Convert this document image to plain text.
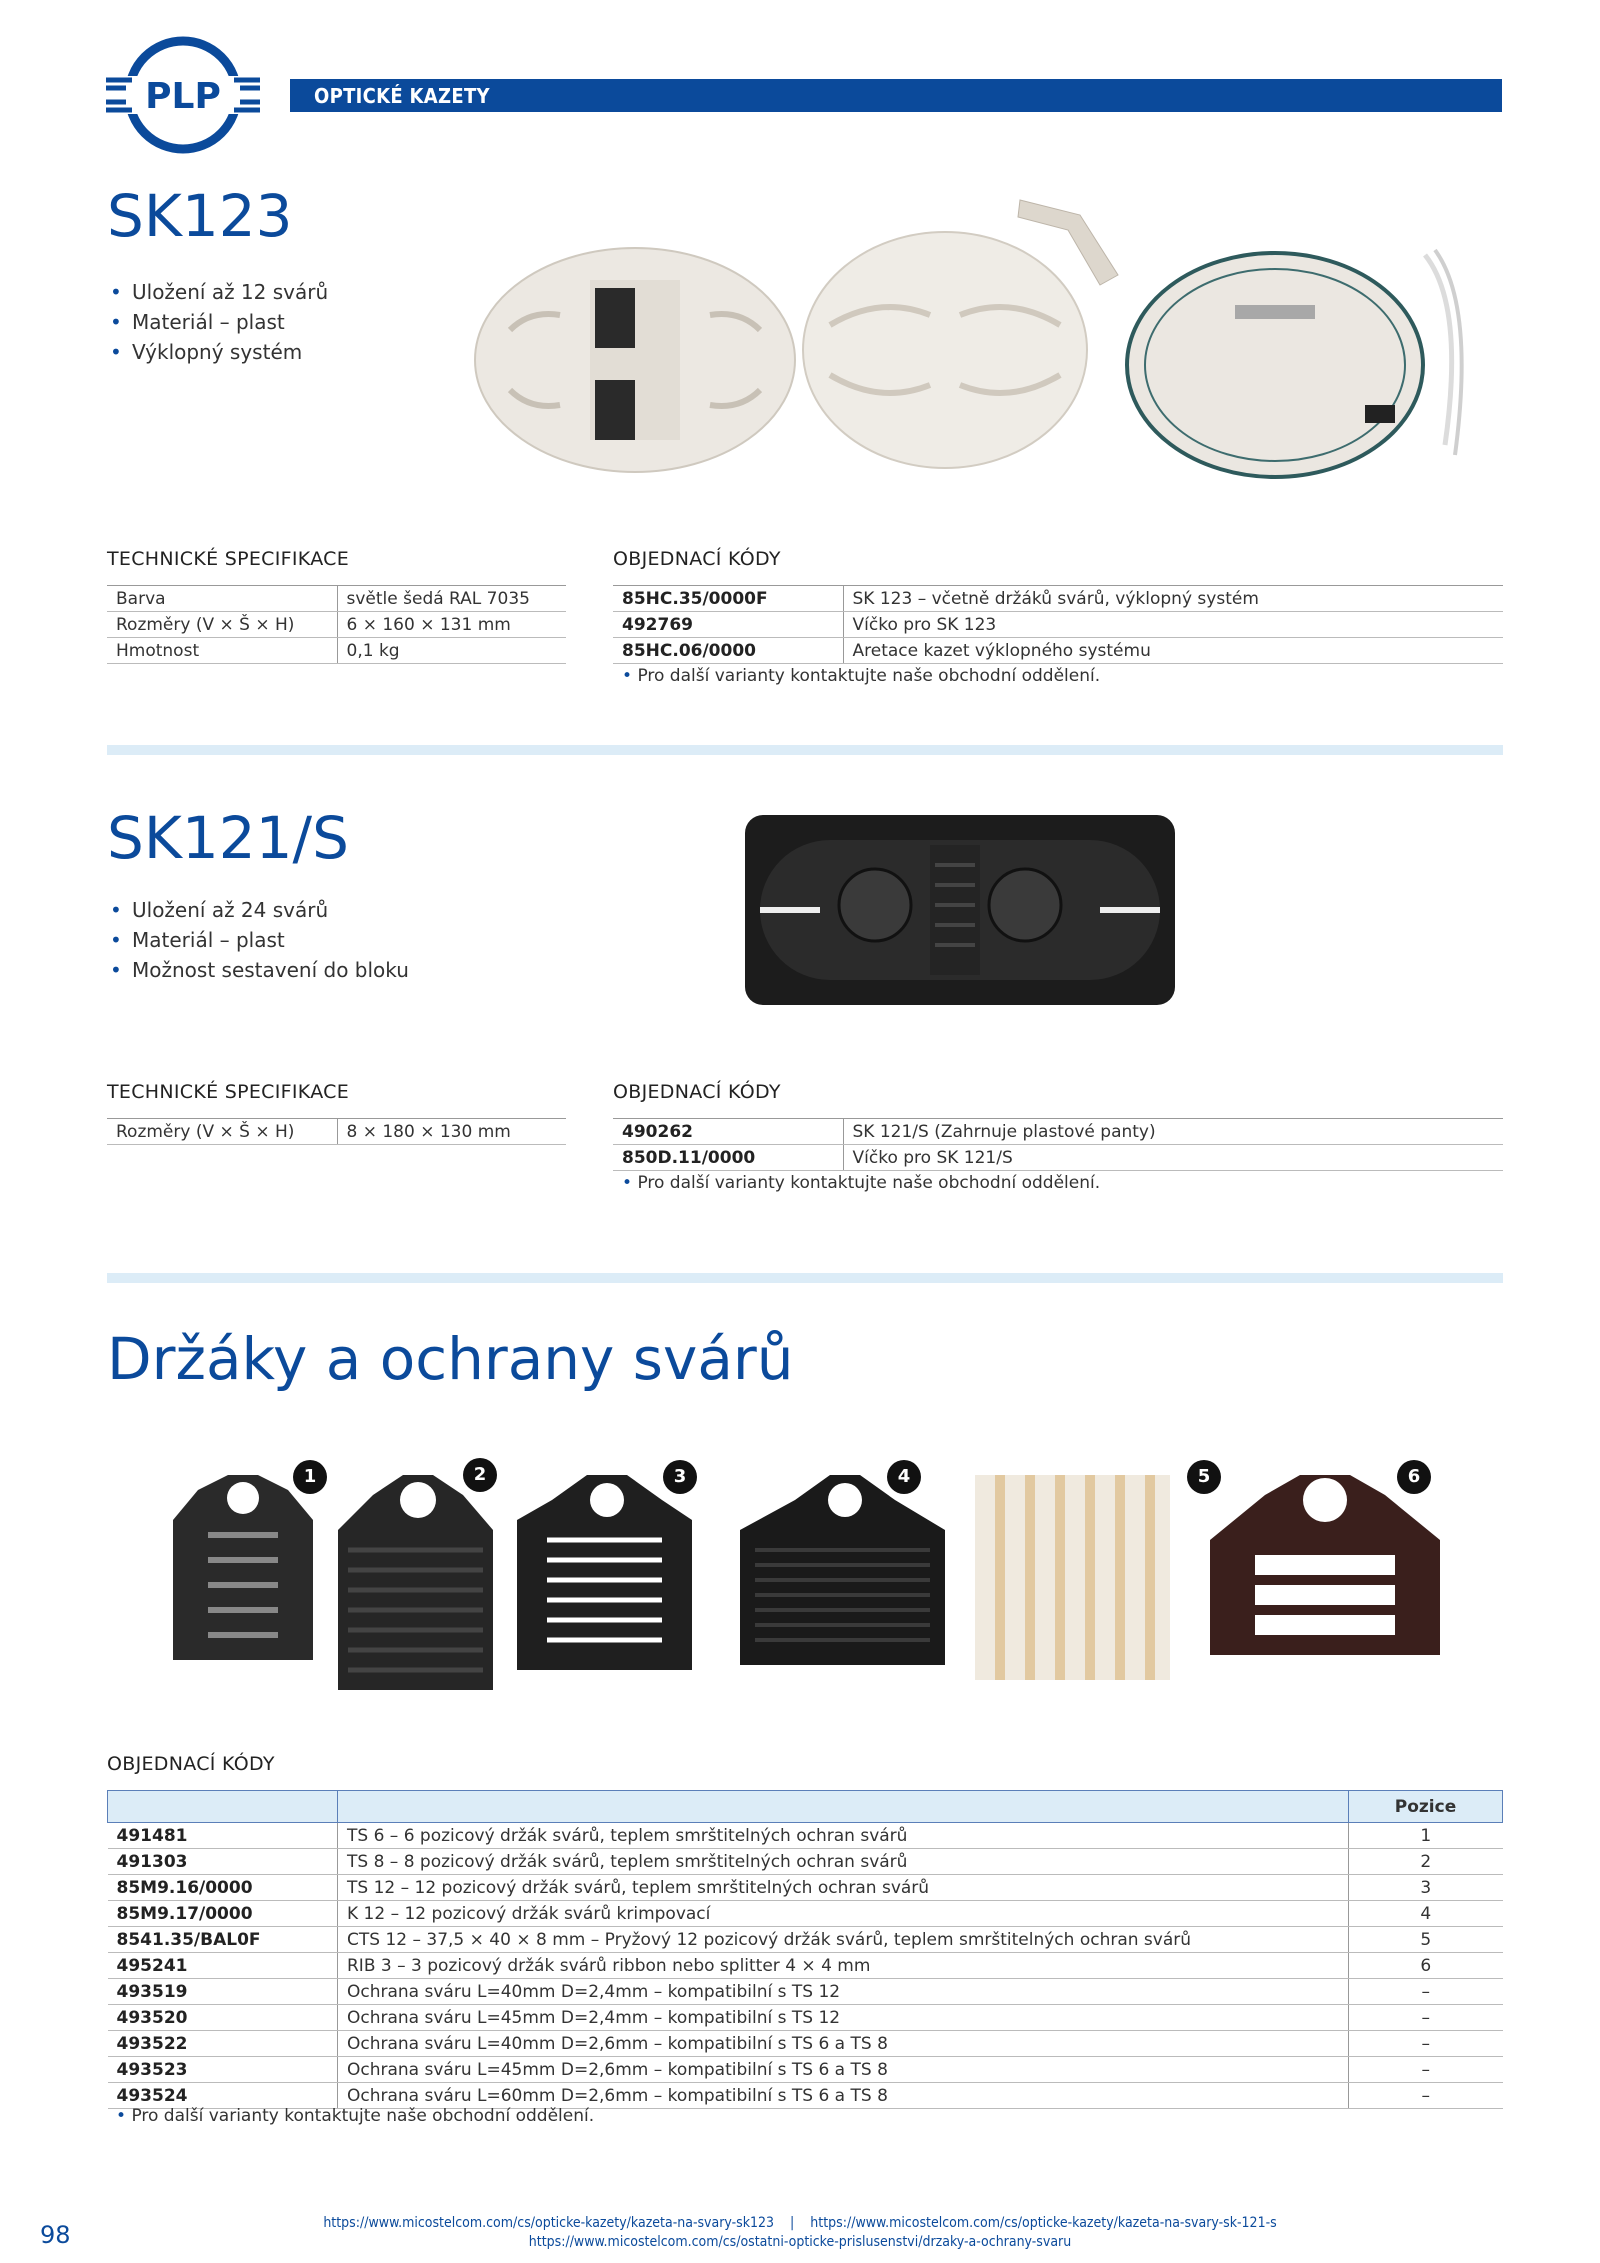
PLP	OPTICKÉ KAZETY
SK123
• Uložení až 12 svárů
• Materiál – plast
• Výklopný systém
TECHNICKÉ SPECIFIKACE
Barva	světle šedá RAL 7035
Rozměry (V × Š × H)	6 × 160 × 131 mm
Hmotnost	0,1 kg
OBJEDNACÍ KÓDY
85HC.35/0000F	SK 123 – včetně držáků svárů, výklopný systém
492769	Víčko pro SK 123
85HC.06/0000	Aretace kazet výklopného systému
• Pro další varianty kontaktujte naše obchodní oddělení.
SK121/S
• Uložení až 24 svárů
• Materiál – plast
• Možnost sestavení do bloku
TECHNICKÉ SPECIFIKACE
Rozměry (V × Š × H)	8 × 180 × 130 mm
OBJEDNACÍ KÓDY
490262	SK 121/S (Zahrnuje plastové panty)
850D.11/0000	Víčko pro SK 121/S
• Pro další varianty kontaktujte naše obchodní oddělení.
Držáky a ochrany svárů
1	2	3	4	5	6
OBJEDNACÍ KÓDY
		Pozice
491481	TS 6 – 6 pozicový držák svárů, teplem smrštitelných ochran svárů	1
491303	TS 8 – 8 pozicový držák svárů, teplem smrštitelných ochran svárů	2
85M9.16/0000	TS 12 – 12 pozicový držák svárů, teplem smrštitelných ochran svárů	3
85M9.17/0000	K 12 – 12 pozicový držák svárů krimpovací	4
8541.35/BAL0F	CTS 12 – 37,5 × 40 × 8 mm – Pryžový 12 pozicový držák svárů, teplem smrštitelných ochran svárů	5
495241	RIB 3 – 3 pozicový držák svárů ribbon nebo splitter 4 × 4 mm	6
493519	Ochrana sváru L=40mm D=2,4mm – kompatibilní s TS 12	–
493520	Ochrana sváru L=45mm D=2,4mm – kompatibilní s TS 12	–
493522	Ochrana sváru L=40mm D=2,6mm – kompatibilní s TS 6 a TS 8	–
493523	Ochrana sváru L=45mm D=2,6mm – kompatibilní s TS 6 a TS 8	–
493524	Ochrana sváru L=60mm D=2,6mm – kompatibilní s TS 6 a TS 8	–
• Pro další varianty kontaktujte naše obchodní oddělení.
98	https://www.micostelcom.com/cs/opticke-kazety/kazeta-na-svary-sk123 | https://www.micostelcom.com/cs/opticke-kazety/kazeta-na-svary-sk-121-s
https://www.micostelcom.com/cs/ostatni-opticke-prislusenstvi/drzaky-a-ochrany-svaru
